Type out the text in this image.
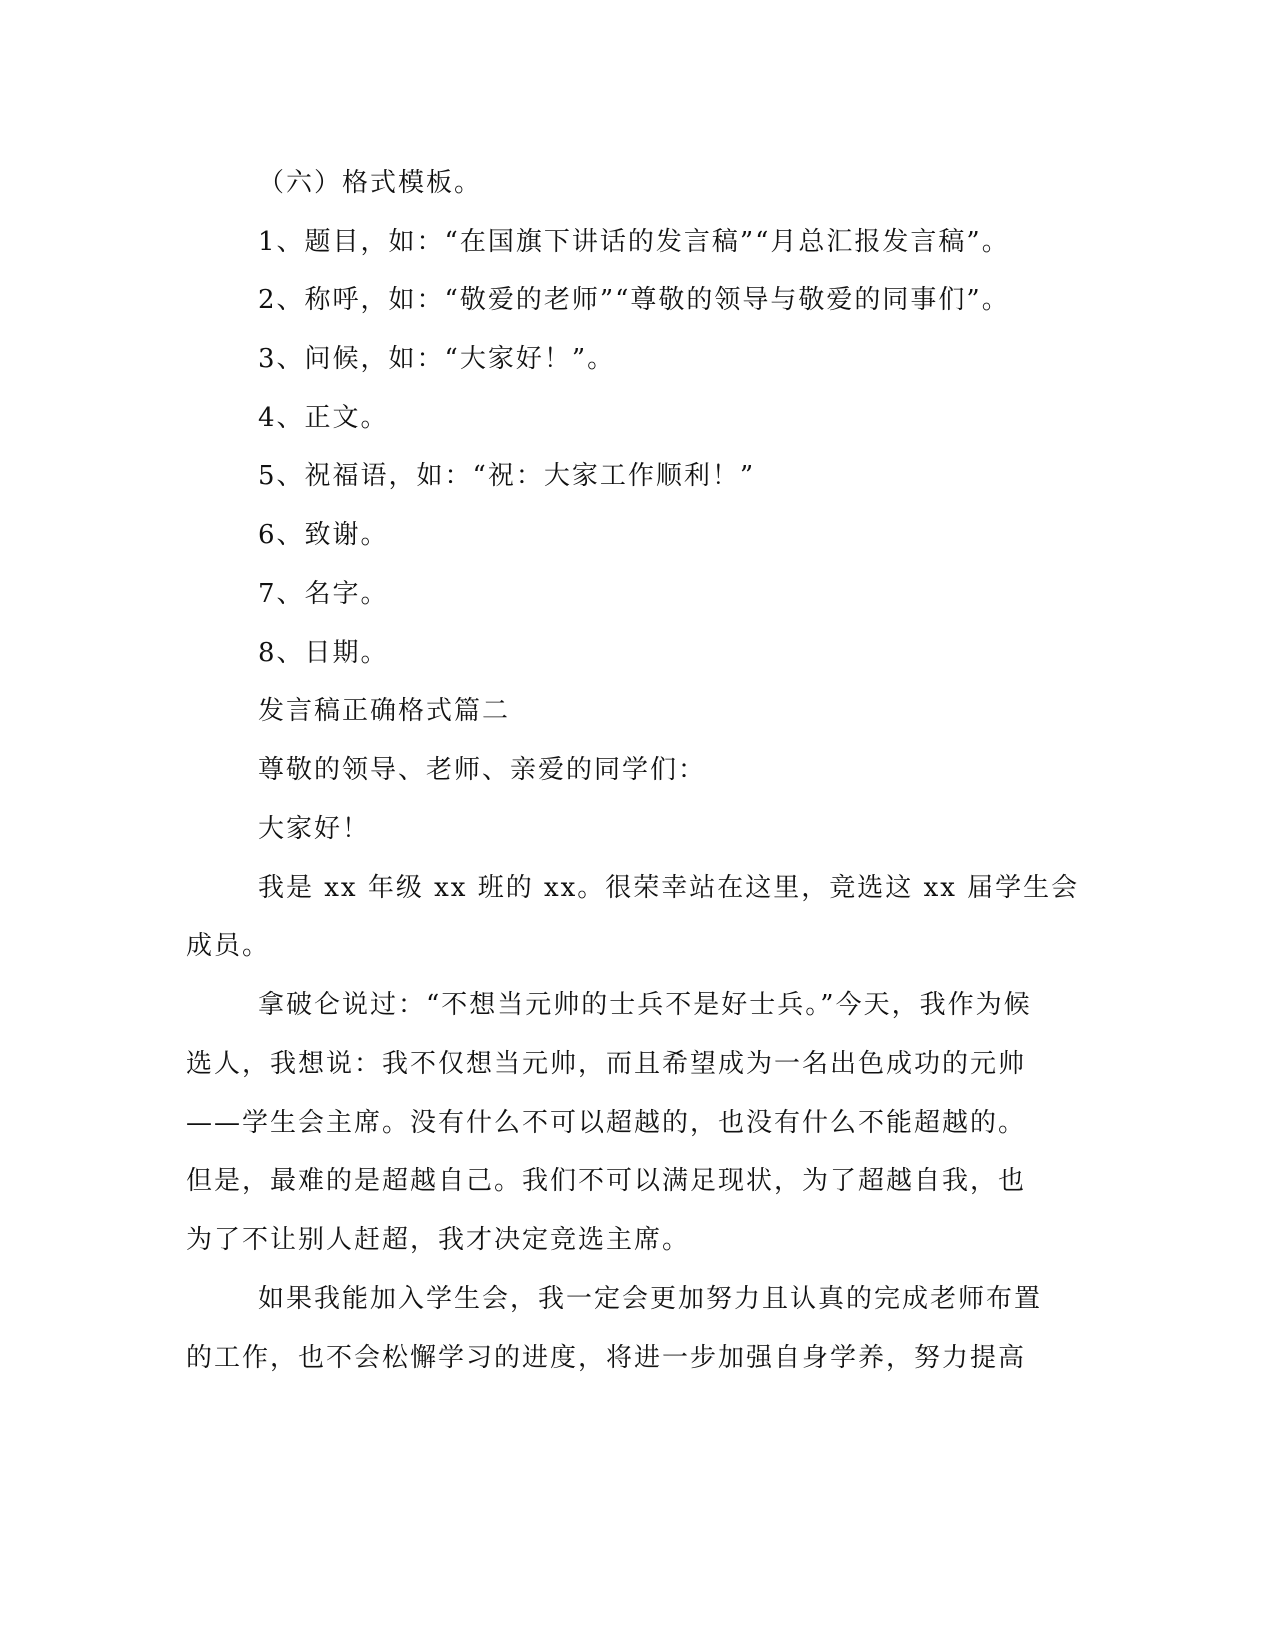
（六）格式模板。
1、题目，如：“在国旗下讲话的发言稿”“月总汇报发言稿”。
2、称呼，如：“敬爱的老师”“尊敬的领导与敬爱的同事们”。
3、问候，如：“大家好！”。
4、正文。
5、祝福语，如：“祝：大家工作顺利！”
6、致谢。
7、名字。
8、日期。
发言稿正确格式篇二
尊敬的领导、老师、亲爱的同学们：
大家好！
我是 xx 年级 xx 班的 xx。很荣幸站在这里，竞选这 xx 届学生会
成员。
拿破仑说过：“不想当元帅的士兵不是好士兵。”今天，我作为候
选人，我想说：我不仅想当元帅，而且希望成为一名出色成功的元帅
——学生会主席。没有什么不可以超越的，也没有什么不能超越的。
但是，最难的是超越自己。我们不可以满足现状，为了超越自我，也
为了不让别人赶超，我才决定竞选主席。
如果我能加入学生会，我一定会更加努力且认真的完成老师布置
的工作，也不会松懈学习的进度，将进一步加强自身学养，努力提高
